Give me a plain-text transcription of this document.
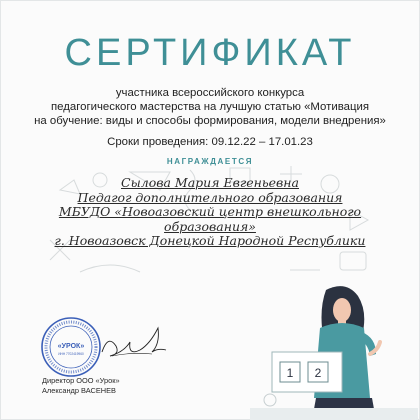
СЕРТИФИКАТ
участника всероссийского конкурса
педагогического мастерства на лучшую статью «Мотивация
на обучение: виды и способы формирования, модели внедрения»
Сроки проведения: 09.12.22 – 17.01.23
НАГРАЖДАЕТСЯ
Сылова Мария Евгеньевна
Педагог дополнительного образования
МБУДО «Новоазовский центр внешкольного
образования»
г. Новоазовск Донецкой Народной Республики
«УРОК»
ИНН 7702419960
Директор ООО «Урок»
Александр ВАСЕНЕВ
1 2
